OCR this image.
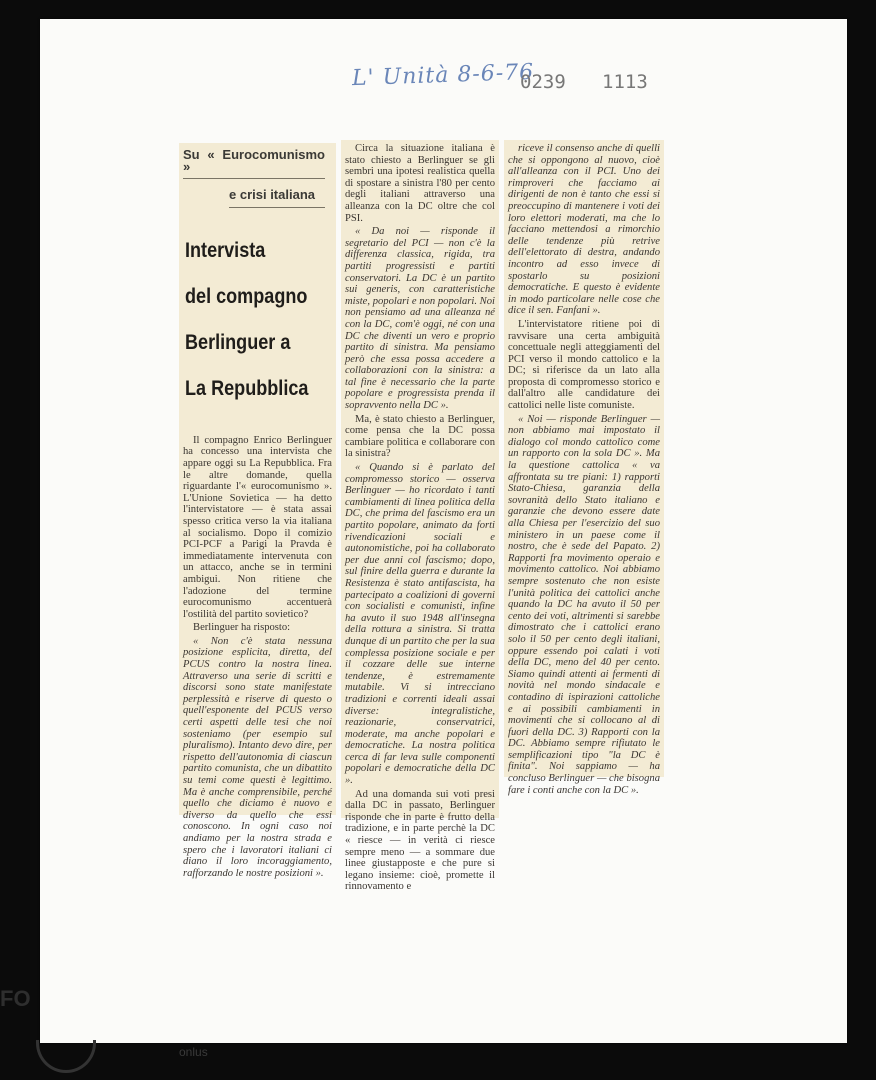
L' Unità 8-6-76
0239 1113
Su « Eurocomunismo »
e crisi italiana
Intervista
del compagno
Berlinguer a
La Repubblica

Il compagno Enrico Berlinguer ha concesso una intervista che appare oggi su La Repubblica. Fra le altre domande, quella riguardante l'« eurocomunismo ». L'Unione Sovietica — ha detto l'intervistatore — è stata assai spesso critica verso la via italiana al socialismo. Dopo il comizio PCI-PCF a Parigi la Pravda è immediatamente intervenuta con un attacco, anche se in termini ambigui. Non ritiene che l'adozione del termine eurocomunismo accentuerà l'ostilità del partito sovietico?

Berlinguer ha risposto:

« Non c'è stata nessuna posizione esplicita, diretta, del PCUS contro la nostra linea. Attraverso una serie di scritti e discorsi sono state manifestate perplessità e riserve di questo o quell'esponente del PCUS verso certi aspetti delle tesi che noi sosteniamo (per esempio sul pluralismo). Intanto devo dire, per rispetto dell'autonomia di ciascun partito comunista, che un dibattito su temi come questi è legittimo. Ma è anche comprensibile, perché quello che diciamo è nuovo e diverso da quello che essi conoscono. In ogni caso noi andiamo per la nostra strada e spero che i lavoratori italiani ci diano il loro incoraggiamento, rafforzando le nostre posizioni ».

Circa la situazione italiana è stato chiesto a Berlinguer se gli sembri una ipotesi realistica quella di spostare a sinistra l'80 per cento degli italiani attraverso una alleanza con la DC oltre che col PSI.

« Da noi — risponde il segretario del PCI — non c'è la differenza classica, rigida, tra partiti progressisti e partiti conservatori. La DC è un partito sui generis, con caratteristiche miste, popolari e non popolari. Noi non pensiamo ad una alleanza né con la DC, com'è oggi, né con una DC che diventi un vero e proprio partito di sinistra. Ma pensiamo però che essa possa accedere a collaborazioni con la sinistra: a tal fine è necessario che la parte popolare e progressista prenda il sopravvento nella DC ».

Ma, è stato chiesto a Berlinguer, come pensa che la DC possa cambiare politica e collaborare con la sinistra?

« Quando si è parlato del compromesso storico — osserva Berlinguer — ho ricordato i tanti cambiamenti di linea politica della DC, che prima del fascismo era un partito popolare, animato da forti rivendicazioni sociali e autonomistiche, poi ha collaborato per due anni col fascismo; dopo, sul finire della guerra e durante la Resistenza è stato antifascista, ha partecipato a coalizioni di governi con socialisti e comunisti, infine ha avuto il suo 1948 all'insegna della rottura a sinistra. Si tratta dunque di un partito che per la sua complessa posizione sociale e per il cozzare delle sue interne tendenze, è estremamente mutabile. Vi si intrecciano tradizioni e correnti ideali assai diverse: integralistiche, reazionarie, conservatrici, moderate, ma anche popolari e democratiche. La nostra politica cerca di far leva sulle componenti popolari e democratiche della DC ».

Ad una domanda sui voti presi dalla DC in passato, Berlinguer risponde che in parte è frutto della tradizione, e in parte perchè la DC « riesce — in verità ci riesce sempre meno — a sommare due linee giustapposte e che pure si legano insieme: cioè, promette il rinnovamento e

riceve il consenso anche di quelli che si oppongono al nuovo, cioè all'alleanza con il PCI. Uno dei rimproveri che facciamo ai dirigenti de non è tanto che essi si preoccupino di mantenere i voti dei loro elettori moderati, ma che lo facciano mettendosi a rimorchio delle tendenze più retrive dell'elettorato di destra, andando incontro ad esso invece di spostarlo su posizioni democratiche. E questo è evidente in modo particolare nelle cose che dice il sen. Fanfani ».

L'intervistatore ritiene poi di ravvisare una certa ambiguità concettuale negli atteggiamenti del PCI verso il mondo cattolico e la DC; si riferisce da un lato alla proposta di compromesso storico e dall'altro alle candidature dei cattolici nelle liste comuniste.

« Noi — risponde Berlinguer — non abbiamo mai impostato il dialogo col mondo cattolico come un rapporto con la sola DC ». Ma la questione cattolica « va affrontata su tre piani: 1) rapporti Stato-Chiesa, garanzia della sovranità dello Stato italiano e garanzie che devono essere date alla Chiesa per l'esercizio del suo ministero in un paese come il nostro, che è sede del Papato. 2) Rapporti fra movimento operaio e movimento cattolico. Noi abbiamo sempre sostenuto che non esiste l'unità politica dei cattolici anche quando la DC ha avuto il 50 per cento dei voti, altrimenti si sarebbe dimostrato che i cattolici erano solo il 50 per cento degli italiani, oppure essendo poi calati i voti della DC, meno del 40 per cento. Siamo quindi attenti ai fermenti di novità nel mondo sindacale e contadino di ispirazioni cattoliche e ai possibili cambiamenti in movimenti che si collocano al di fuori della DC. 3) Rapporti con la DC. Abbiamo sempre rifiutato le semplificazioni tipo "la DC è finita". Noi sappiamo — ha concluso Berlinguer — che bisogna fare i conti anche con la DC ».

FO
onlus
